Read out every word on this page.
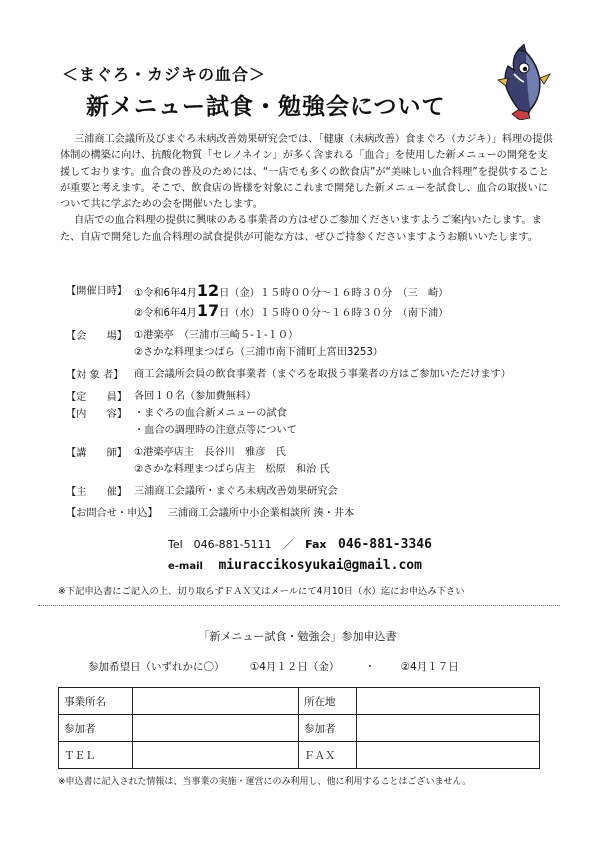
＜まぐろ・カジキの血合＞
新メニュー試食・勉強会について

三浦商工会議所及びまぐろ未病改善効果研究会では、「健康（未病改善）食まぐろ（カジキ）」料理の提供体制の構築に向け、抗酸化物質「セレノネイン」が多く含まれる「血合」を使用した新メニューの開発を支援しております。血合食の普及のためには、“一店でも多くの飲食店”が“美味しい血合料理”を提供することが重要と考えます。そこで、飲食店の皆様を対象にこれまで開発した新メニューを試食し、血合の取扱いについて共に学ぶための会を開催いたします。

自店での血合料理の提供に興味のある事業者の方はぜひご参加くださいますようご案内いたします。また、自店で開発した血合料理の試食提供が可能な方は、ぜひご持参くださいますようお願いいたします。

【開催日時】 ①令和6年4月12日（金）１５時００分～１６時３０分　（三　崎）
②令和6年4月17日（水）１５時００分～１６時３０分　（南下浦）
【会　　場】 ①港楽亭　（三浦市三崎５-１-１０）
②さかな料理まつばら（三浦市南下浦町上宮田3253）
【対 象 者】	商工会議所会員の飲食事業者（まぐろを取扱う事業者の方はご参加いただけます）
【定　　員】 各回１０名（参加費無料）
【内　　容】 ・まぐろの血合新メニューの試食
・血合の調理時の注意点等について
【講　　師】 ①港楽亭店主　長谷川　雅彦　氏
②さかな料理まつばら店主　松原　和治 氏
【主　　催】 三浦商工会議所・まぐろ未病改善効果研究会
【お問合せ・申込】 三浦商工会議所中小企業相談所 湊・井本
Tel　046-881-5111　／ Fax 046-881-3346
e-mail miuraccikosyukai@gmail.com
※下記申込書にご記入の上、切り取らずＦＡＸ又はメールにて4月10日（水）迄にお申込み下さい
「新メニュー試食・勉強会」参加申込書
参加希望日（いずれかに〇） ①4月１２日（金） ・ ②4月１７日
事業所名		所在地	
参加者		参加者	
ＴＥＬ		ＦＡＸ	
※申込書に記入された情報は、当事業の実施・運営にのみ利用し、他に利用することはございません。
